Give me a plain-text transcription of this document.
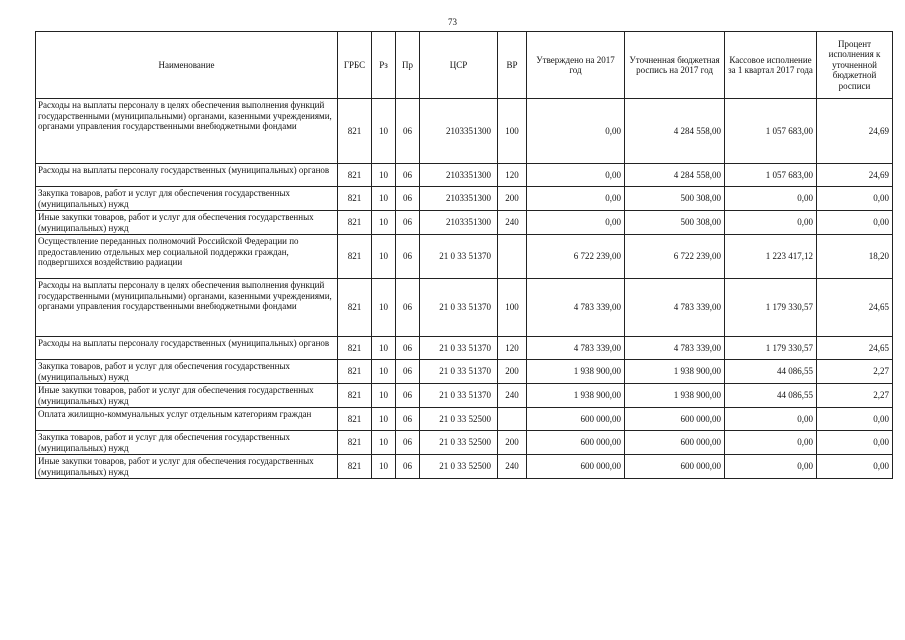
73
Наименование	ГРБС	Рз	Пр	ЦСР	ВР	Утверждено на 2017 год	Уточненная бюджетная роспись на 2017 год	Кассовое исполнение за 1 квартал 2017 года	Процент исполнения к уточненной бюджетной росписи
Расходы на выплаты персоналу в целях обеспечения выполнения функций государственными (муниципальными) органами, казенными учреждениями, органами управления государственными внебюджетными фондами	821	10	06	2103351300	100	0,00	4 284 558,00	1 057 683,00	24,69
Расходы на выплаты персоналу государственных (муниципальных) органов	821	10	06	2103351300	120	0,00	4 284 558,00	1 057 683,00	24,69
Закупка товаров, работ и услуг для обеспечения государственных (муниципальных) нужд	821	10	06	2103351300	200	0,00	500 308,00	0,00	0,00
Иные закупки товаров, работ и услуг для обеспечения государственных (муниципальных) нужд	821	10	06	2103351300	240	0,00	500 308,00	0,00	0,00
Осуществление переданных полномочий Российской Федерации по предоставлению отдельных мер социальной поддержки граждан, подвергшихся воздействию радиации	821	10	06	21 0 33 51370		6 722 239,00	6 722 239,00	1 223 417,12	18,20
Расходы на выплаты персоналу в целях обеспечения выполнения функций государственными (муниципальными) органами, казенными учреждениями, органами управления государственными внебюджетными фондами	821	10	06	21 0 33 51370	100	4 783 339,00	4 783 339,00	1 179 330,57	24,65
Расходы на выплаты персоналу государственных (муниципальных) органов	821	10	06	21 0 33 51370	120	4 783 339,00	4 783 339,00	1 179 330,57	24,65
Закупка товаров, работ и услуг для обеспечения государственных (муниципальных) нужд	821	10	06	21 0 33 51370	200	1 938 900,00	1 938 900,00	44 086,55	2,27
Иные закупки товаров, работ и услуг для обеспечения государственных (муниципальных) нужд	821	10	06	21 0 33 51370	240	1 938 900,00	1 938 900,00	44 086,55	2,27
Оплата жилищно-коммунальных услуг отдельным категориям граждан	821	10	06	21 0 33 52500		600 000,00	600 000,00	0,00	0,00
Закупка товаров, работ и услуг для обеспечения государственных (муниципальных) нужд	821	10	06	21 0 33 52500	200	600 000,00	600 000,00	0,00	0,00
Иные закупки товаров, работ и услуг для обеспечения государственных (муниципальных) нужд	821	10	06	21 0 33 52500	240	600 000,00	600 000,00	0,00	0,00
